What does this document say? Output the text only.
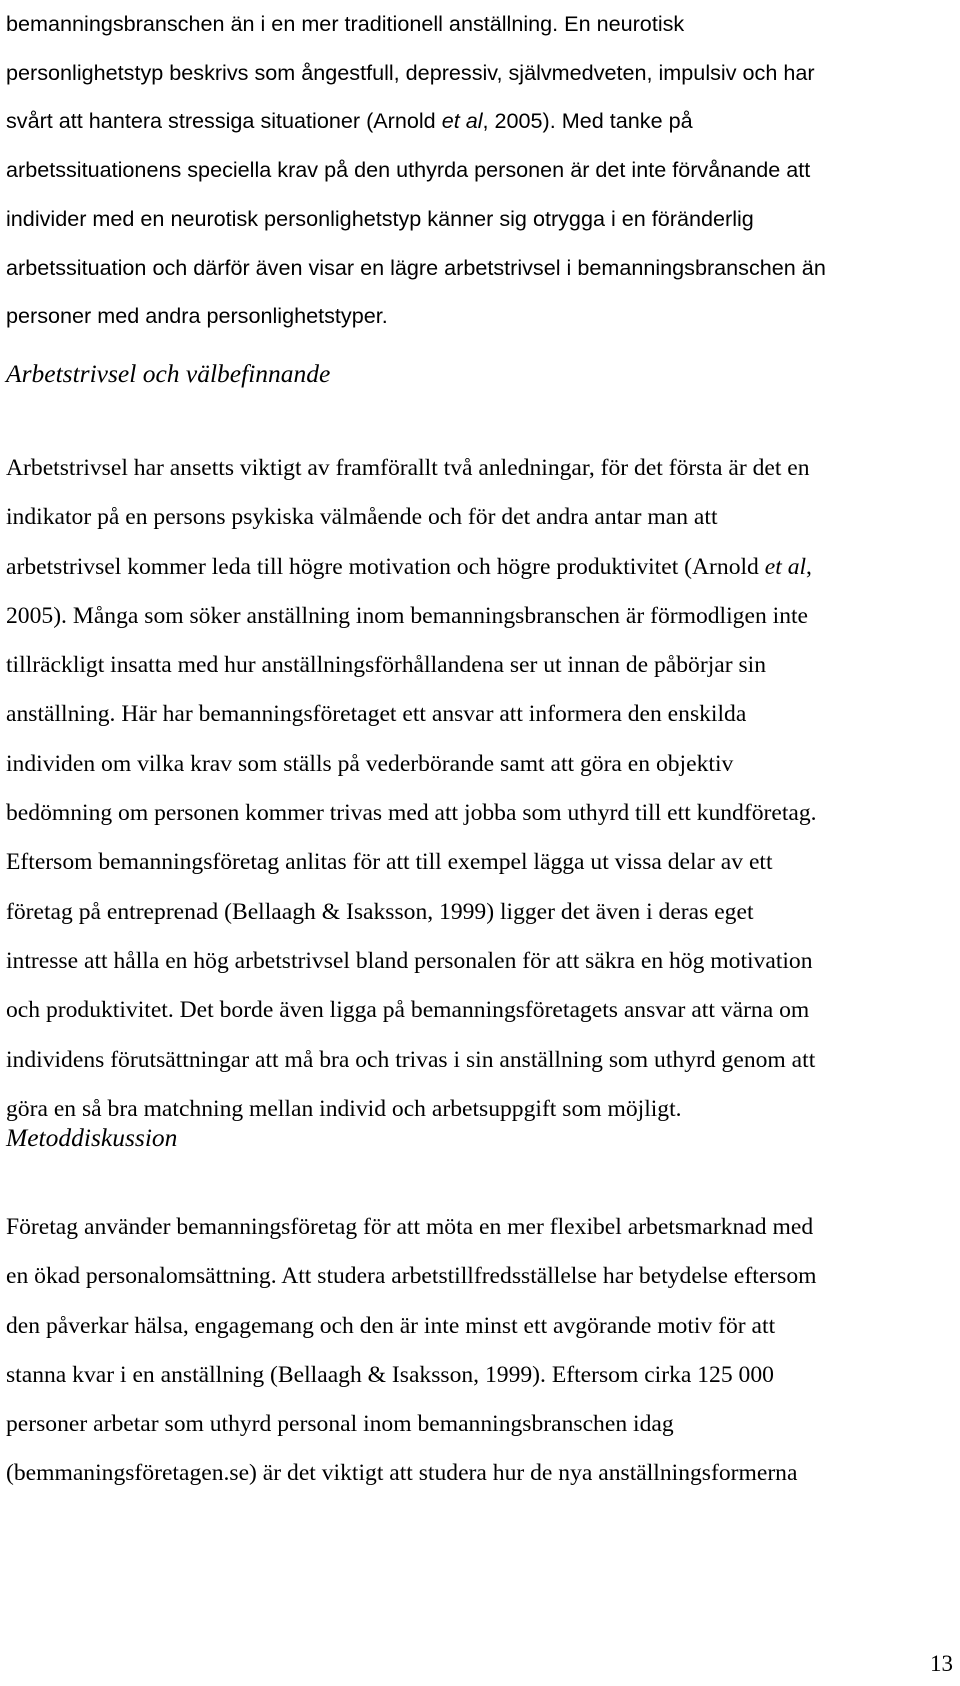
bemanningsbranschen än i en mer traditionell anställning. En neurotisk
personlighetstyp beskrivs som ångestfull, depressiv, självmedveten, impulsiv och har
svårt att hantera stressiga situationer (Arnold et al, 2005). Med tanke på
arbetssituationens speciella krav på den uthyrda personen är det inte förvånande att
individer med en neurotisk personlighetstyp känner sig otrygga i en föränderlig
arbetssituation och därför även visar en lägre arbetstrivsel i bemanningsbranschen än
personer med andra personlighetstyper.
Arbetstrivsel och välbefinnande
Arbetstrivsel har ansetts viktigt av framförallt två anledningar, för det första är det en
indikator på en persons psykiska välmående och för det andra antar man att
arbetstrivsel kommer leda till högre motivation och högre produktivitet (Arnold et al,
2005). Många som söker anställning inom bemanningsbranschen är förmodligen inte
tillräckligt insatta med hur anställningsförhållandena ser ut innan de påbörjar sin
anställning. Här har bemanningsföretaget ett ansvar att informera den enskilda
individen om vilka krav som ställs på vederbörande samt att göra en objektiv
bedömning om personen kommer trivas med att jobba som uthyrd till ett kundföretag.
Eftersom bemanningsföretag anlitas för att till exempel lägga ut vissa delar av ett
företag på entreprenad (Bellaagh & Isaksson, 1999) ligger det även i deras eget
intresse att hålla en hög arbetstrivsel bland personalen för att säkra en hög motivation
och produktivitet. Det borde även ligga på bemanningsföretagets ansvar att värna om
individens förutsättningar att må bra och trivas i sin anställning som uthyrd genom att
göra en så bra matchning mellan individ och arbetsuppgift som möjligt.
Metoddiskussion
Företag använder bemanningsföretag för att möta en mer flexibel arbetsmarknad med
en ökad personalomsättning. Att studera arbetstillfredsställelse har betydelse eftersom
den påverkar hälsa, engagemang och den är inte minst ett avgörande motiv för att
stanna kvar i en anställning (Bellaagh & Isaksson, 1999). Eftersom cirka 125 000
personer arbetar som uthyrd personal inom bemanningsbranschen idag
(bemmaningsföretagen.se) är det viktigt att studera hur de nya anställningsformerna
13
